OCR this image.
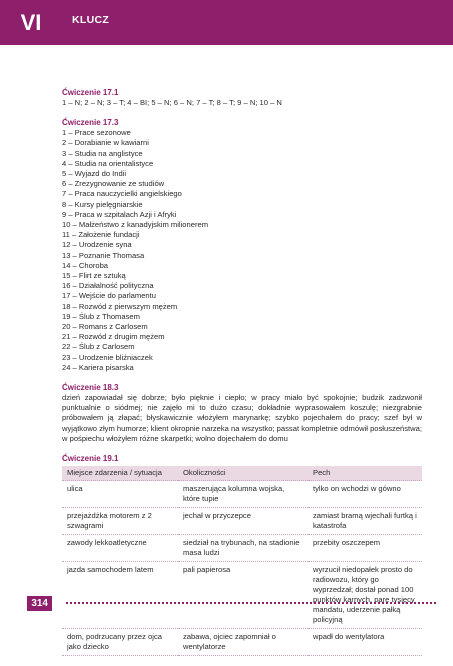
VI	KLUCZ
Ćwiczenie 17.1
1 – N; 2 – N; 3 – T; 4 – BI; 5 – N; 6 – N; 7 – T; 8 – T; 9 – N; 10 – N
Ćwiczenie 17.3
1 – Prace sezonowe
2 – Dorabianie w kawiarni
3 – Studia na anglistyce
4 – Studia na orientalistyce
5 – Wyjazd do Indii
6 – Zrezygnowanie ze studiów
7 – Praca nauczycielki angielskiego
8 – Kursy pielęgniarskie
9 – Praca w szpitalach Azji i Afryki
10 – Małżeństwo z kanadyjskim milionerem
11 – Założenie fundacji
12 – Urodzenie syna
13 – Poznanie Thomasa
14 – Choroba
15 – Flirt ze sztuką
16 – Działalność polityczna
17 – Wejście do parlamentu
18 – Rozwód z pierwszym mężem
19 – Ślub z Thomasem
20 – Romans z Carlosem
21 – Rozwód z drugim mężem
22 – Ślub z Carlosem
23 – Urodzenie bliźniaczek
24 – Kariera pisarska
Ćwiczenie 18.3
dzień zapowiadał się dobrze; było pięknie i ciepło; w pracy miało być spokojnie; budzik zadzwonił punktualnie o siódmej; nie zajęło mi to dużo czasu; dokładnie wyprasowałem koszulę; niezgrabnie próbowałem ją złapać; błyskawicznie włożyłem marynarkę; szybko pojechałem do pracy; szef był w wyjątkowo złym humorze; klient okropnie narzeka na wszystko; passat kompletnie odmówił posłuszeństwa; w pośpiechu włożyłem różne skarpetki; wolno dojechałem do domu
Ćwiczenie 19.1
Miejsce zdarzenia / sytuacja	Okoliczności	Pech
ulica	maszerująca kolumna wojska, które tupie	tylko on wchodzi w gówno
przejażdżka motorem z 2 szwagrami	jechał w przyczepce	zamiast bramą wjechali furtką i katastrofa
zawody lekkoatletyczne	siedział na trybunach, na stadionie masa ludzi	przebity oszczepem
jazda samochodem latem	pali papierosa	wyrzucił niedopałek prosto do radiowozu, który go wyprzedzał; dostał ponad 100 punktów karnych, parę tysięcy mandatu, uderzenie pałką policyjną
dom, podrzucany przez ojca jako dziecko	zabawa, ojciec zapomniał o wentylatorze	wpadł do wentylatora
314
